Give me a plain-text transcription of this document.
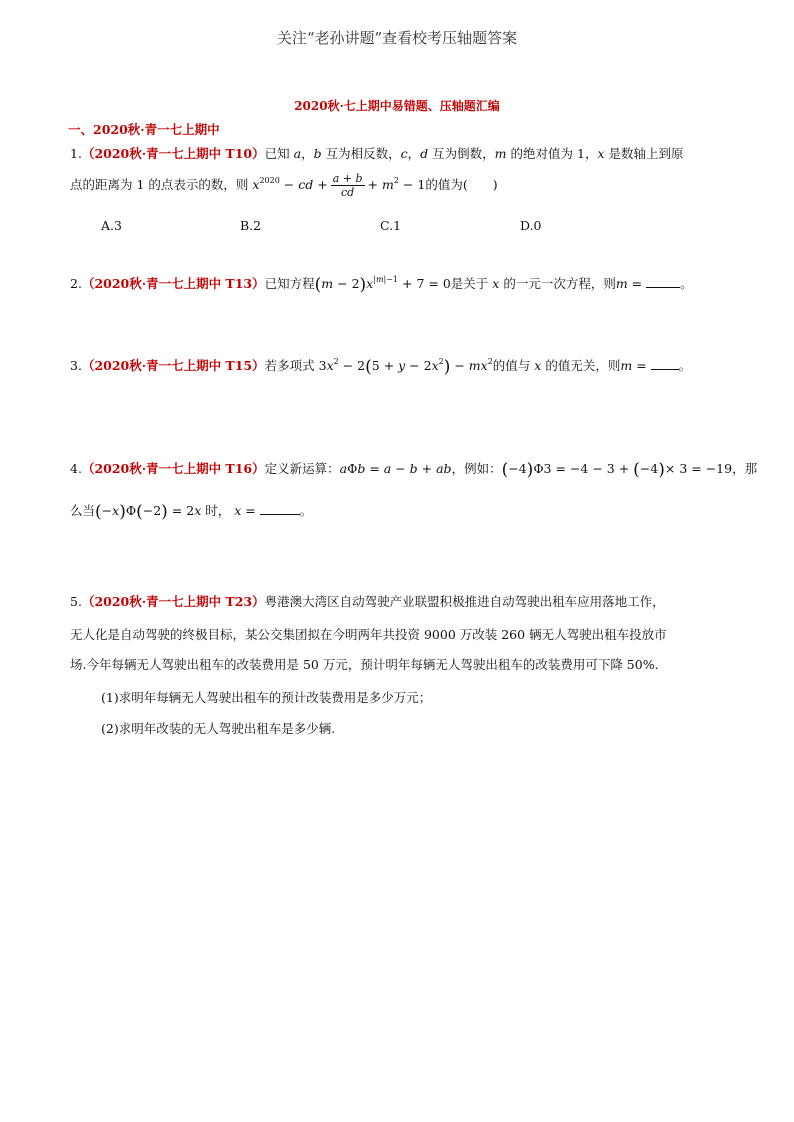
关注“老孙讲题”查看校考压轴题答案
2020秋·七上期中易错题、压轴题汇编
一、2020秋·青一七上期中
1.（2020秋·青一七上期中 T10）已知 a，b 互为相反数，c，d 互为倒数，m 的绝对值为 1，x 是数轴上到原
点的距离为 1 的点表示的数，则 $x^{2020}$ − cd + $\frac{a + b}{cd} + m^2 - 1$的值为(　　)
A.3	B.2	C.1	D.0
2.（2020秋·青一七上期中 T13）已知方程$(m - 2)x^{|m|-1} + 7 = 0$是关于 x 的一元一次方程，则m =	。
3.（2020秋·青一七上期中 T15）若多项式 $3x^2 - 2(5 + y - 2x^2) - mx^2$的值与 x 的值无关，则m = 。
4.（2020秋·青一七上期中 T16）定义新运算：aΦb = a − b + ab，例如：(−4)Φ3 = −4 − 3 + (−4)× 3 = −19，那
么当(−x)Φ(−2) = 2x 时， x =	。
5.（2020秋·青一七上期中 T23）粤港澳大湾区自动驾驶产业联盟积极推进自动驾驶出租车应用落地工作，
无人化是自动驾驶的终极目标，某公交集团拟在今明两年共投资 9000 万改装 260 辆无人驾驶出租车投放市
场.今年每辆无人驾驶出租车的改装费用是 50 万元，预计明年每辆无人驾驶出租车的改装费用可下降 50%.
(1)求明年每辆无人驾驶出租车的预计改装费用是多少万元；
(2)求明年改装的无人驾驶出租车是多少辆.
